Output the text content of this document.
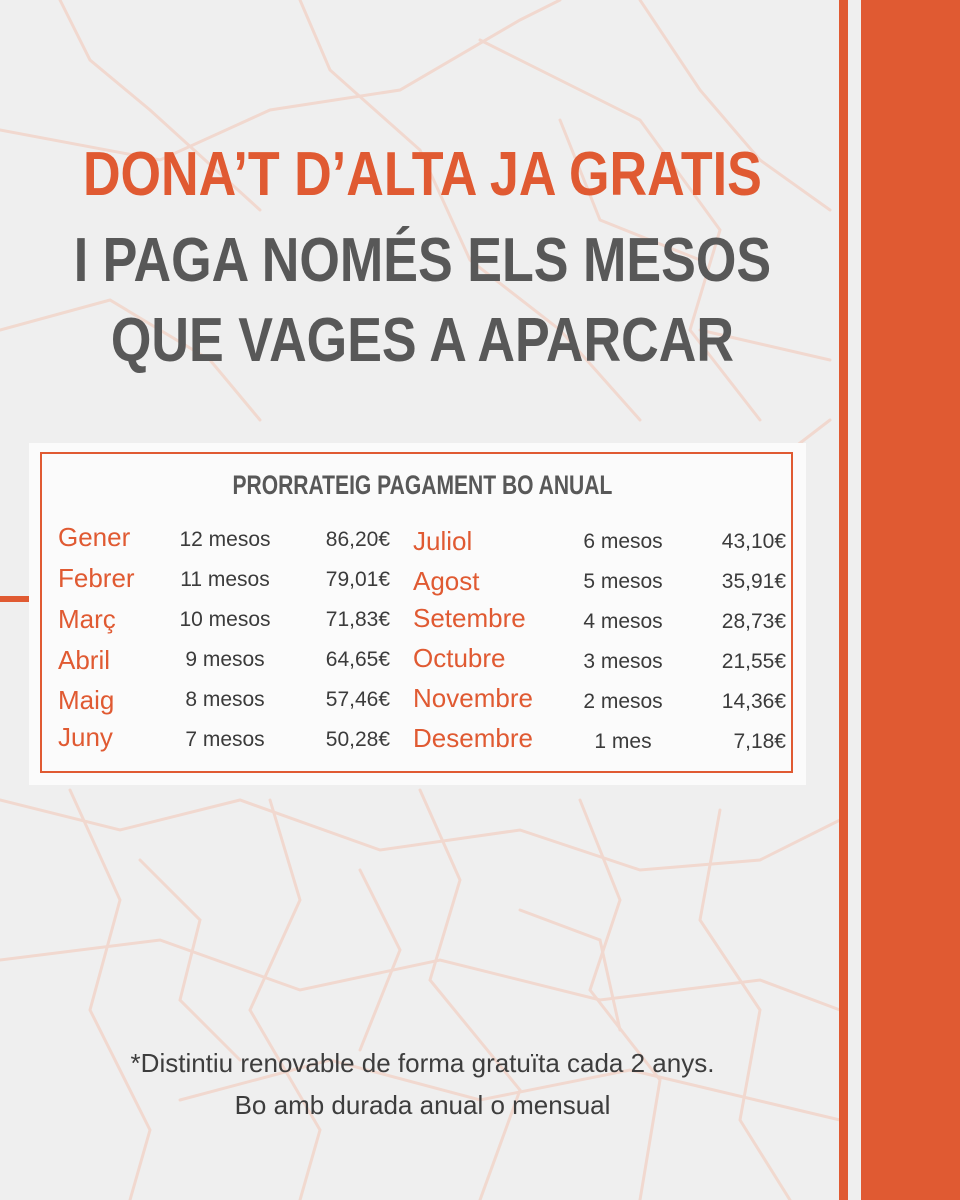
DONA’T D’ALTA JA GRATIS
I PAGA NOMÉS ELS MESOS
QUE VAGES A APARCAR
PRORRATEIG PAGAMENT BO ANUAL
Gener	12 mesos	86,20€ Juliol	6 mesos	43,10€
Febrer	11 mesos	79,01€ Agost	5 mesos	35,91€
Març	10 mesos	71,83€ Setembre	4 mesos	28,73€
Abril	9 mesos	64,65€ Octubre	3 mesos	21,55€
Maig	8 mesos	57,46€ Novembre	2 mesos	14,36€
Juny	7 mesos	50,28€ Desembre	1 mes	7,18€

*Distintiu renovable de forma gratuïta cada 2 anys.

Bo amb durada anual o mensual
